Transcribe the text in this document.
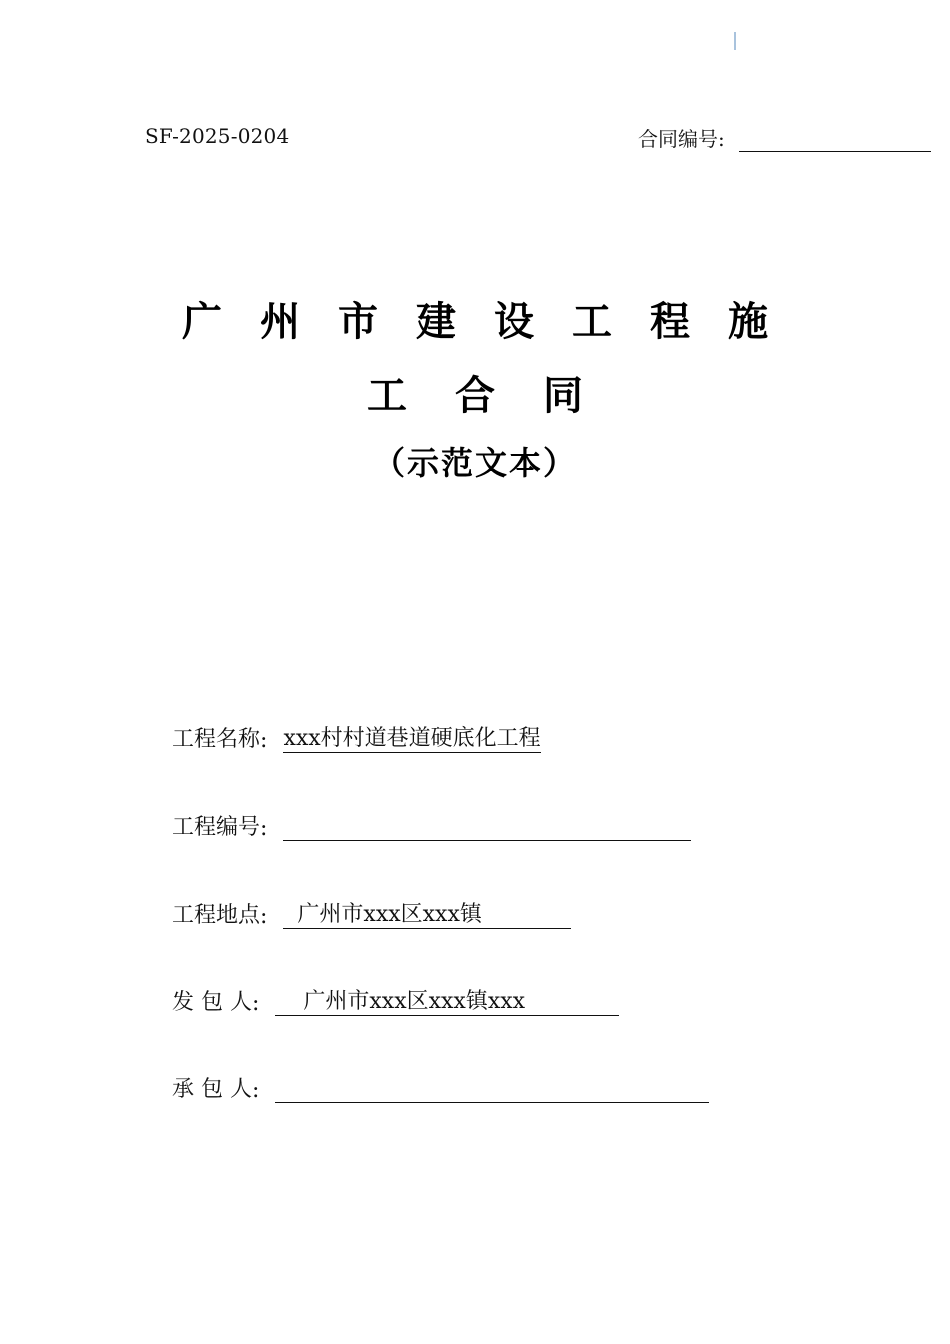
SF-2025-0204	合同编号:
广州市建设工程施
工合同
（示范文本）
工程名称 : xxx村村道巷道硬底化工程
工程编号 :
工程地点 : 广州市xxx区xxx镇
发 包 人 : 广州市xxx区xxx镇xxx
承 包 人 :
